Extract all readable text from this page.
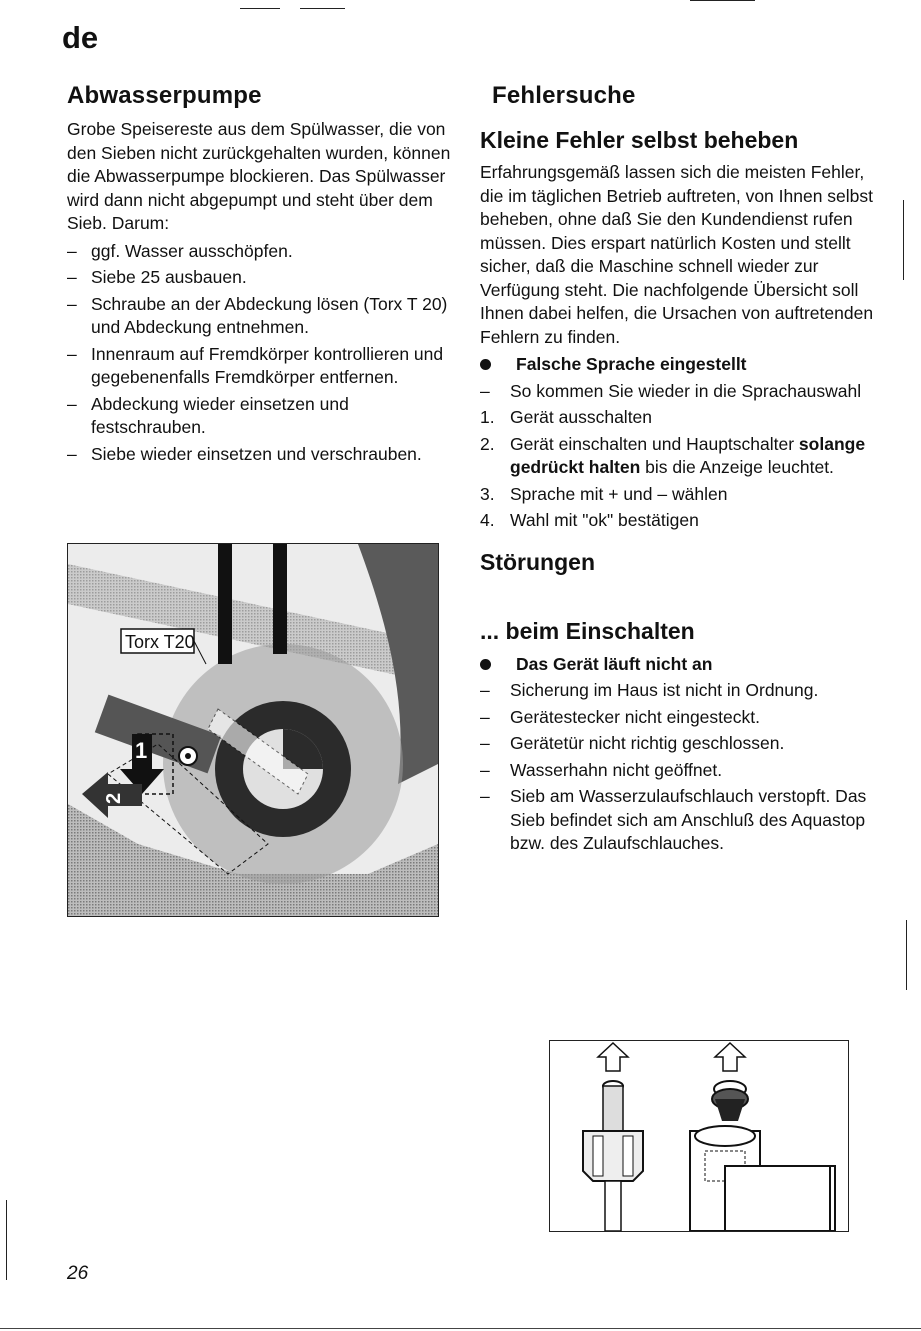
de
Abwasserpumpe

Grobe Speisereste aus dem Spülwasser, die von den Sieben nicht zurückgehalten wurden, können die Abwasserpumpe blockieren. Das Spülwasser wird dann nicht abgepumpt und steht über dem Sieb. Darum:

– ggf. Wasser ausschöpfen.
– Siebe 25 ausbauen.
– Schraube an der Abdeckung lösen (Torx T 20) und Abdeckung entnehmen.
– Innenraum auf Fremdkörper kontrollieren und gegebenenfalls Fremdkörper entfernen.
– Abdeckung wieder einsetzen und festschrauben.
– Siebe wieder einsetzen und verschrauben.
Torx T20
1
2
Fehlersuche
Kleine Fehler selbst beheben

Erfahrungsgemäß lassen sich die meisten Fehler, die im täglichen Betrieb auftreten, von Ihnen selbst beheben, ohne daß Sie den Kundendienst rufen müssen. Dies erspart natürlich Kosten und stellt sicher, daß die Maschine schnell wieder zur Verfügung steht. Die nachfolgende Übersicht soll Ihnen dabei helfen, die Ursachen von auftretenden Fehlern zu finden.

Falsche Sprache eingestellt
– So kommen Sie wieder in die Sprachauswahl
1. Gerät ausschalten
2. Gerät einschalten und Hauptschalter solange gedrückt halten bis die Anzeige leuchtet.
3. Sprache mit + und – wählen
4. Wahl mit "ok" bestätigen
Störungen
... beim Einschalten
Das Gerät läuft nicht an
– Sicherung im Haus ist nicht in Ordnung.
– Gerätestecker nicht eingesteckt.
– Gerätetür nicht richtig geschlossen.
– Wasserhahn nicht geöffnet.
– Sieb am Wasserzulaufschlauch verstopft. Das Sieb befindet sich am Anschluß des Aquastop bzw. des Zulaufschlauches.
26
